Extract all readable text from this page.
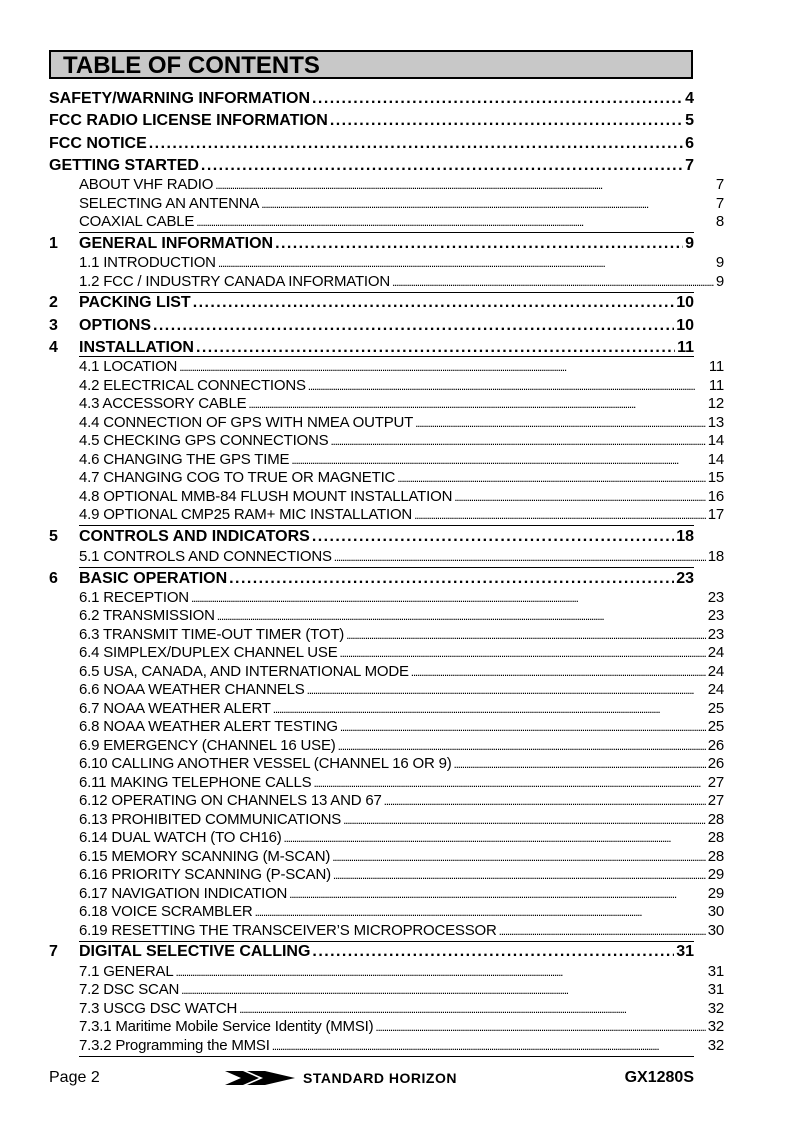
TABLE OF CONTENTS
SAFETY/WARNING INFORMATION . . .	4
FCC RADIO LICENSE INFORMATION . . .	5
FCC NOTICE . . .	6
GETTING STARTED . . .	7
ABOUT VHF RADIO . . .	7
SELECTING AN ANTENNA . . .	7
COAXIAL CABLE . . .	8
1	GENERAL INFORMATION . . .	9
1.1 INTRODUCTION . . .	9
1.2 FCC / INDUSTRY CANADA INFORMATION . . .	9
2	PACKING LIST . . .	10
3	OPTIONS . . .	10
4	INSTALLATION . . .	11
4.1 LOCATION . . .	11
4.2 ELECTRICAL CONNECTIONS . . .	11
4.3 ACCESSORY CABLE . . .	12
4.4 CONNECTION OF GPS WITH NMEA OUTPUT . . .	13
4.5 CHECKING GPS CONNECTIONS . . .	14
4.6 CHANGING THE GPS TIME . . .	14
4.7 CHANGING COG TO TRUE OR MAGNETIC . . .	15
4.8 OPTIONAL MMB-84 FLUSH MOUNT INSTALLATION . . .	16
4.9 OPTIONAL CMP25 RAM+ MIC INSTALLATION . . .	17
5	CONTROLS AND INDICATORS . . .	18
5.1 CONTROLS AND CONNECTIONS . . .	18
6	BASIC OPERATION . . .	23
6.1 RECEPTION . . .	23
6.2 TRANSMISSION . . .	23
6.3 TRANSMIT TIME-OUT TIMER (TOT) . . .	23
6.4 SIMPLEX/DUPLEX CHANNEL USE . . .	24
6.5 USA, CANADA, AND INTERNATIONAL MODE . . .	24
6.6 NOAA WEATHER CHANNELS . . .	24
6.7 NOAA WEATHER ALERT . . .	25
6.8 NOAA WEATHER ALERT TESTING . . .	25
6.9 EMERGENCY (CHANNEL 16 USE) . . .	26
6.10 CALLING ANOTHER VESSEL (CHANNEL 16 OR 9) . . .	26
6.11 MAKING TELEPHONE CALLS . . .	27
6.12 OPERATING ON CHANNELS 13 AND 67 . . .	27
6.13 PROHIBITED COMMUNICATIONS . . .	28
6.14 DUAL WATCH (TO CH16) . . .	28
6.15 MEMORY SCANNING (M-SCAN) . . .	28
6.16 PRIORITY SCANNING (P-SCAN) . . .	29
6.17 NAVIGATION INDICATION . . .	29
6.18 VOICE SCRAMBLER . . .	30
6.19 RESETTING THE TRANSCEIVER’S MICROPROCESSOR . . .	30
7	DIGITAL SELECTIVE CALLING . . .	31
7.1 GENERAL . . .	31
7.2 DSC SCAN . . .	31
7.3 USCG DSC WATCH . . .	32
7.3.1 Maritime Mobile Service Identity (MMSI) . . .	32
7.3.2 Programming the MMSI . . .	32
Page 2	STANDARD HORIZON	GX1280S
